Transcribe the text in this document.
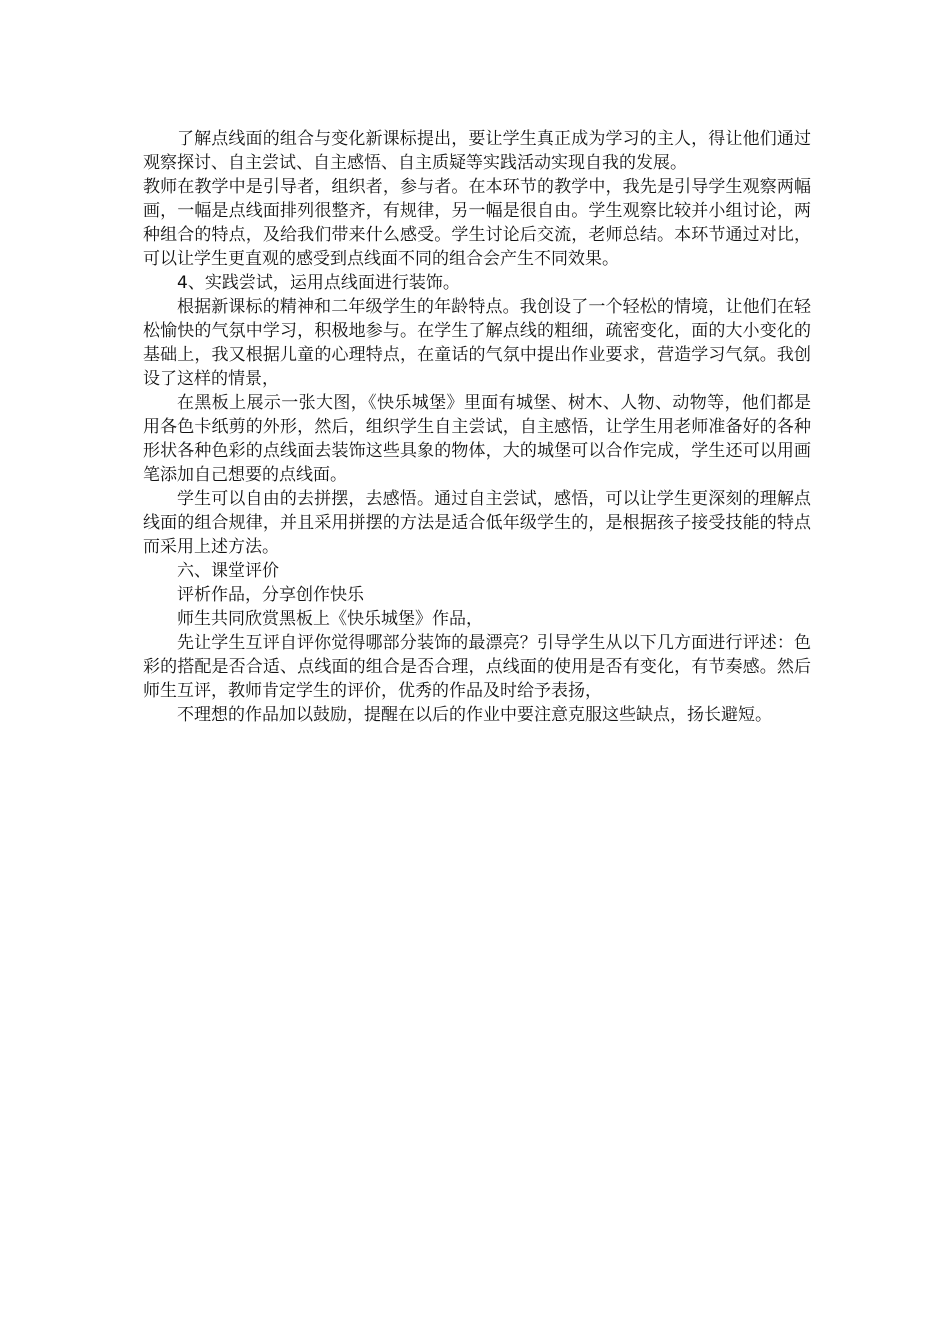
了解点线面的组合与变化新课标提出，要让学生真正成为学习的主人，得让他们通过观察探讨、自主尝试、自主感悟、自主质疑等实践活动实现自我的发展。

教师在教学中是引导者，组织者，参与者。在本环节的教学中，我先是引导学生观察两幅画，一幅是点线面排列很整齐，有规律，另一幅是很自由。学生观察比较并小组讨论，两种组合的特点，及给我们带来什么感受。学生讨论后交流，老师总结。本环节通过对比，可以让学生更直观的感受到点线面不同的组合会产生不同效果。

4、实践尝试，运用点线面进行装饰。

根据新课标的精神和二年级学生的年龄特点。我创设了一个轻松的情境，让他们在轻松愉快的气氛中学习，积极地参与。在学生了解点线的粗细，疏密变化，面的大小变化的基础上，我又根据儿童的心理特点，在童话的气氛中提出作业要求，营造学习气氛。我创设了这样的情景，

在黑板上展示一张大图，《快乐城堡》里面有城堡、树木、人物、动物等，他们都是用各色卡纸剪的外形，然后，组织学生自主尝试，自主感悟，让学生用老师准备好的各种形状各种色彩的点线面去装饰这些具象的物体，大的城堡可以合作完成，学生还可以用画笔添加自己想要的点线面。

学生可以自由的去拼摆，去感悟。通过自主尝试，感悟，可以让学生更深刻的理解点线面的组合规律，并且采用拼摆的方法是适合低年级学生的，是根据孩子接受技能的特点而采用上述方法。

六、课堂评价

评析作品，分享创作快乐

师生共同欣赏黑板上《快乐城堡》作品，

先让学生互评自评你觉得哪部分装饰的最漂亮？引导学生从以下几方面进行评述：色彩的搭配是否合适、点线面的组合是否合理，点线面的使用是否有变化，有节奏感。然后师生互评，教师肯定学生的评价，优秀的作品及时给予表扬，

不理想的作品加以鼓励，提醒在以后的作业中要注意克服这些缺点，扬长避短。
